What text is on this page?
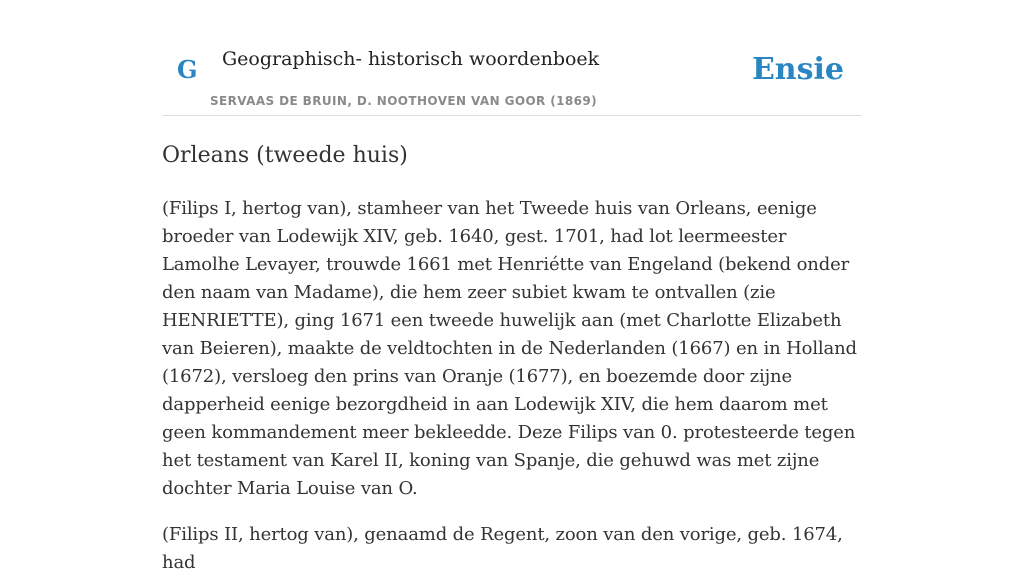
G Geographisch- historisch woordenboek
SERVAAS DE BRUIN, D. NOOTHOVEN VAN GOOR (1869)
Ensie
Orleans (tweede huis)

(Filips I, hertog van), stamheer van het Tweede huis van Orleans, eenige broeder van Lodewijk XIV, geb. 1640, gest. 1701, had lot leermeester Lamolhe Levayer, trouwde 1661 met Henriétte van Engeland (bekend onder den naam van Madame), die hem zeer subiet kwam te ontvallen (zie HENRIETTE), ging 1671 een tweede huwelijk aan (met Charlotte Elizabeth van Beieren), maakte de veldtochten in de Nederlanden (1667) en in Holland (1672), versloeg den prins van Oranje (1677), en boezemde door zijne dapperheid eenige bezorgdheid in aan Lodewijk XIV, die hem daarom met geen kommandement meer bekleedde. Deze Filips van 0. protesteerde tegen het testament van Karel II, koning van Spanje, die gehuwd was met zijne dochter Maria Louise van O.

(Filips II, hertog van), genaamd de Regent, zoon van den vorige, geb. 1674, had
